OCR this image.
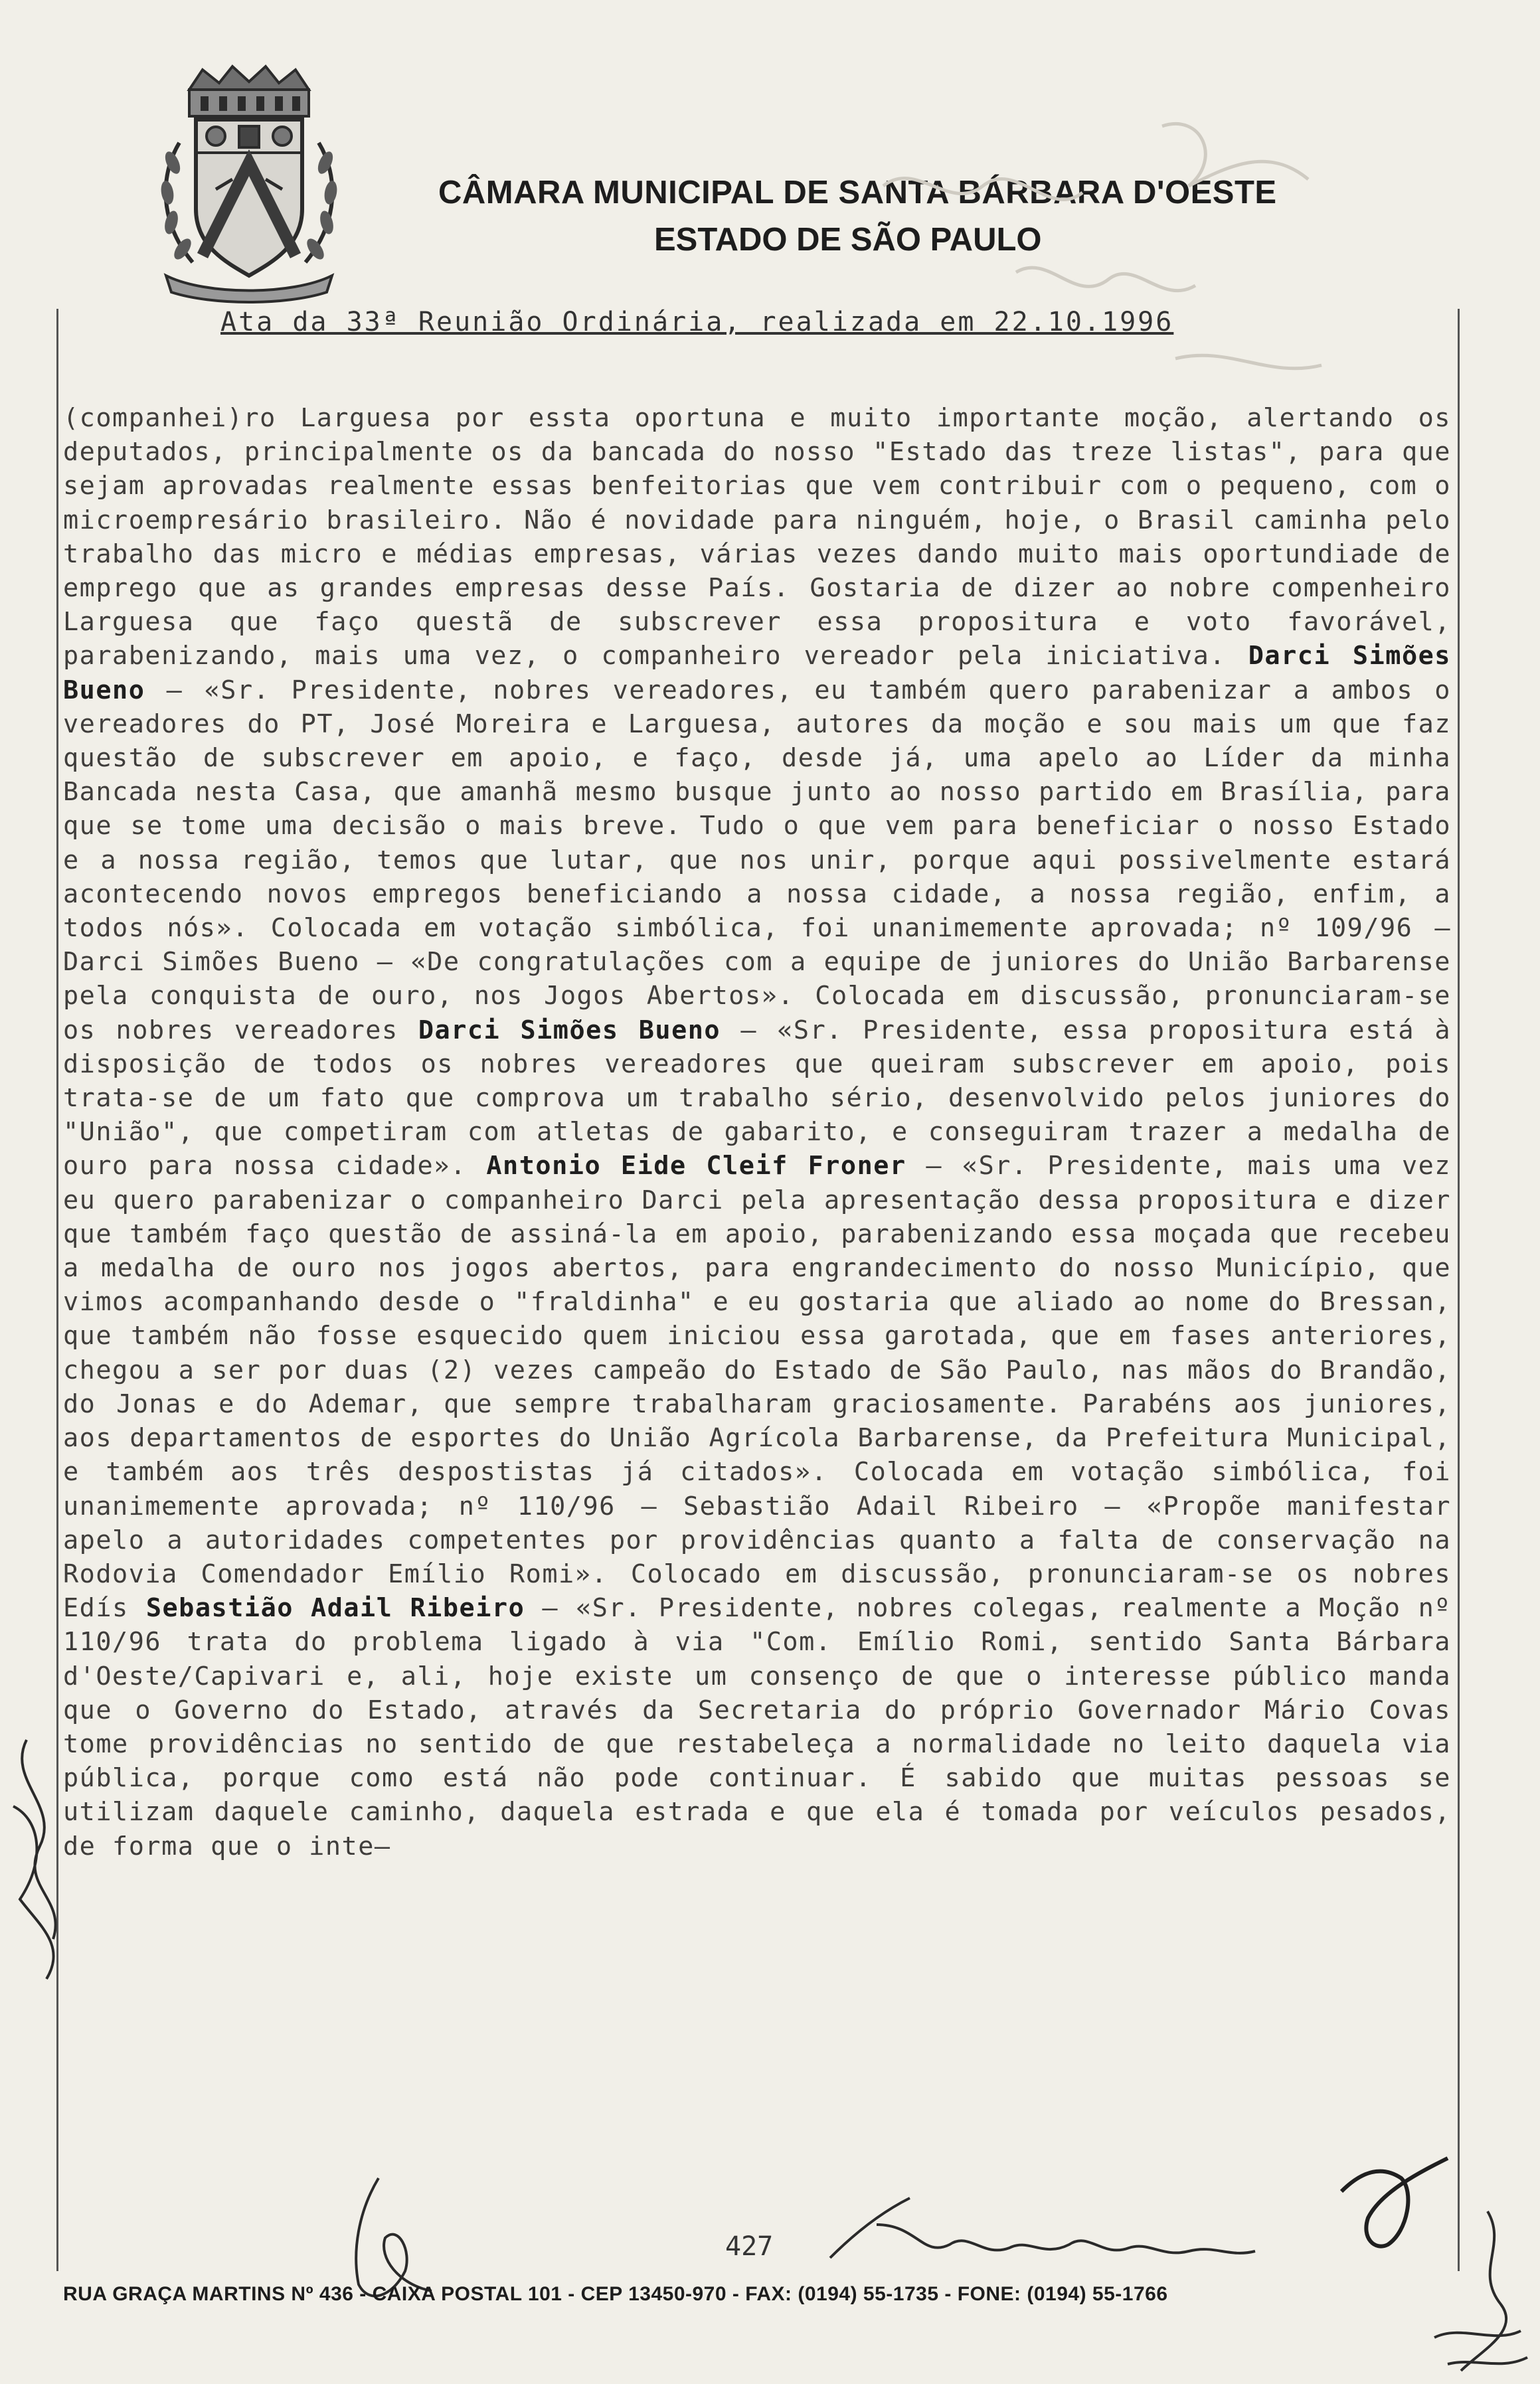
CÂMARA MUNICIPAL DE SANTA BÁRBARA D'OESTE
ESTADO DE SÃO PAULO
Ata da 33ª Reunião Ordinária, realizada em 22.10.1996

(companhei)ro Larguesa por essta oportuna e muito importante moção, alertando os deputados, principalmente os da bancada do nosso "Estado das treze listas", para que sejam aprovadas realmente essas benfeitorias que vem contribuir com o pequeno, com o microempresário brasileiro. Não é novidade para ninguém, hoje, o Brasil caminha pelo trabalho das micro e médias empresas, várias vezes dando muito mais oportundiade de emprego que as grandes empresas desse País. Gostaria de dizer ao nobre compenheiro Larguesa que faço questã de subscrever essa propositura e voto favorável, parabenizando, mais uma vez, o companheiro vereador pela iniciativa. Darci Simões Bueno – «Sr. Presidente, nobres vereadores, eu também quero parabenizar a ambos o vereadores do PT, José Moreira e Larguesa, autores da moção e sou mais um que faz questão de subscrever em apoio, e faço, desde já, uma apelo ao Líder da minha Bancada nesta Casa, que amanhã mesmo busque junto ao nosso partido em Brasília, para que se tome uma decisão o mais breve. Tudo o que vem para beneficiar o nosso Estado e a nossa região, temos que lutar, que nos unir, porque aqui possivelmente estará acontecendo novos empregos beneficiando a nossa cidade, a nossa região, enfim, a todos nós». Colocada em votação simbólica, foi unanimemente aprovada; nº 109/96 – Darci Simões Bueno – «De congratulações com a equipe de juniores do União Barbarense pela conquista de ouro, nos Jogos Abertos». Colocada em discussão, pronunciaram-se os nobres vereadores Darci Simões Bueno – «Sr. Presidente, essa propositura está à disposição de todos os nobres vereadores que queiram subscrever em apoio, pois trata-se de um fato que comprova um trabalho sério, desenvolvido pelos juniores do "União", que competiram com atletas de gabarito, e conseguiram trazer a medalha de ouro para nossa cidade». Antonio Eide Cleif Froner – «Sr. Presidente, mais uma vez eu quero parabenizar o companheiro Darci pela apresentação dessa propositura e dizer que também faço questão de assiná-la em apoio, parabenizando essa moçada que recebeu a medalha de ouro nos jogos abertos, para engrandecimento do nosso Município, que vimos acompanhando desde o "fraldinha" e eu gostaria que aliado ao nome do Bressan, que também não fosse esquecido quem iniciou essa garotada, que em fases anteriores, chegou a ser por duas (2) vezes campeão do Estado de São Paulo, nas mãos do Brandão, do Jonas e do Ademar, que sempre trabalharam graciosamente. Parabéns aos juniores, aos departamentos de esportes do União Agrícola Barbarense, da Prefeitura Municipal, e também aos três despostistas já citados». Colocada em votação simbólica, foi unanimemente aprovada; nº 110/96 – Sebastião Adail Ribeiro – «Propõe manifestar apelo a autoridades competentes por providências quanto a falta de conservação na Rodovia Comendador Emílio Romi». Colocado em discussão, pronunciaram-se os nobres Edís Sebastião Adail Ribeiro – «Sr. Presidente, nobres colegas, realmente a Moção nº 110/96 trata do problema ligado à via "Com. Emílio Romi, sentido Santa Bárbara d'Oeste/Capivari e, ali, hoje existe um consenço de que o interesse público manda que o Governo do Estado, através da Secretaria do próprio Governador Mário Covas tome providências no sentido de que restabeleça a normalidade no leito daquela via pública, porque como está não pode continuar. É sabido que muitas pessoas se utilizam daquele caminho, daquela estrada e que ela é tomada por veículos pesados, de forma que o inte–

427
RUA GRAÇA MARTINS Nº 436 - CAIXA POSTAL 101 - CEP 13450-970 - FAX: (0194) 55-1735 - FONE: (0194) 55-1766
